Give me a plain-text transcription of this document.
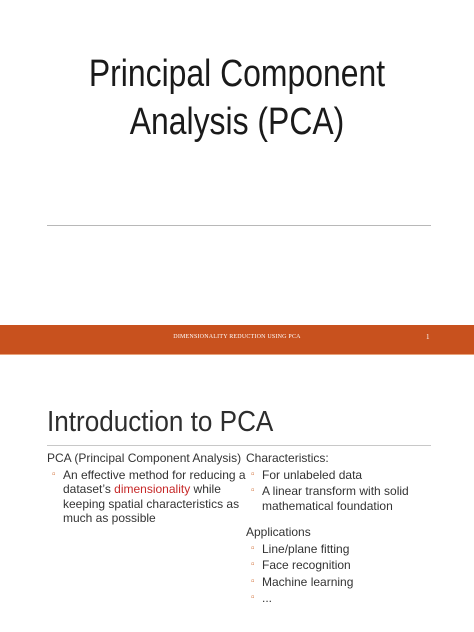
Principal Component
Analysis (PCA)
DIMENSIONALITY REDUCTION USING PCA	1
Introduction to PCA
PCA (Principal Component Analysis)
▫ An effective method for reducing a dataset’s dimensionality while keeping spatial characteristics as much as possible
Characteristics:
▫ For unlabeled data
▫ A linear transform with solid mathematical foundation
Applications
▫ Line/plane fitting
▫ Face recognition
▫ Machine learning
▫ ...
